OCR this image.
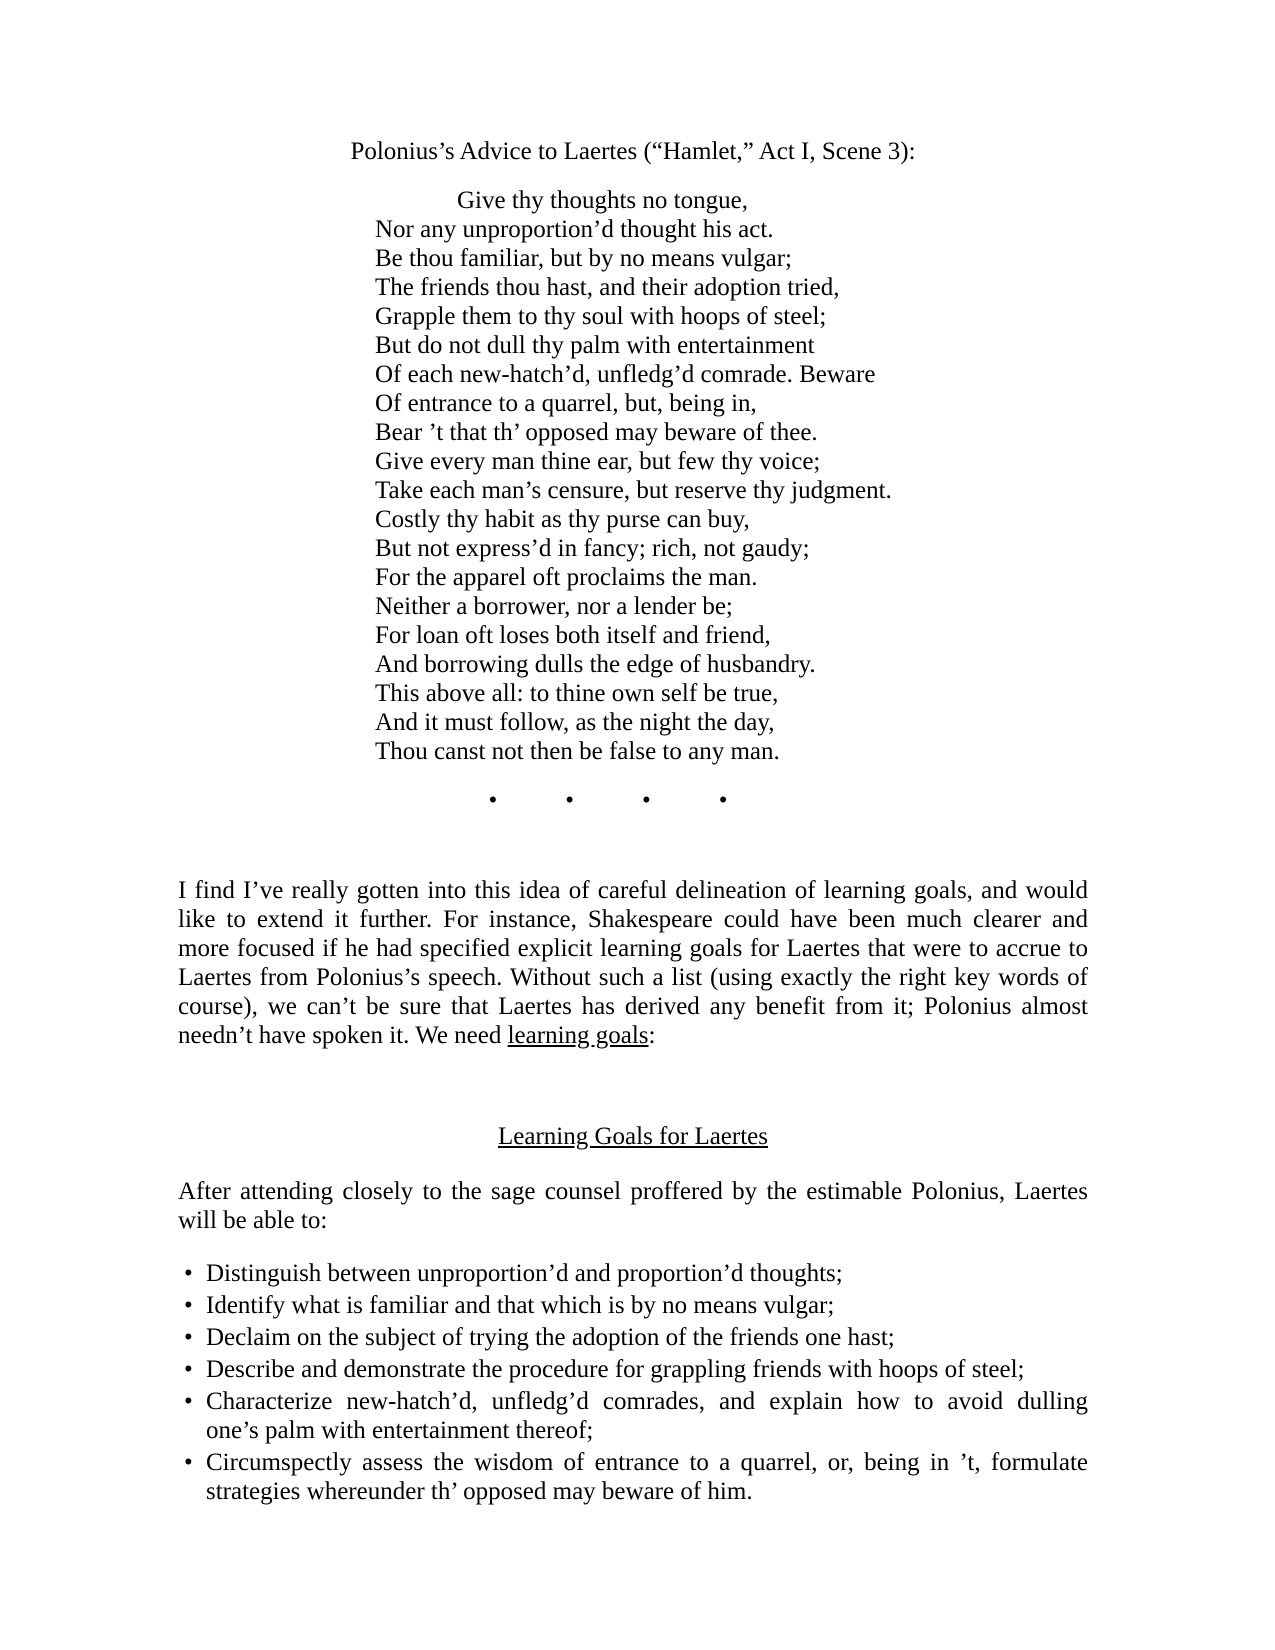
Polonius’s Advice to Laertes (“Hamlet,” Act I, Scene 3):
Give thy thoughts no tongue,
Nor any unproportion’d thought his act.
Be thou familiar, but by no means vulgar;
The friends thou hast, and their adoption tried,
Grapple them to thy soul with hoops of steel;
But do not dull thy palm with entertainment
Of each new-hatch’d, unfledg’d comrade. Beware
Of entrance to a quarrel, but, being in,
Bear ’t that th’ opposed may beware of thee.
Give every man thine ear, but few thy voice;
Take each man’s censure, but reserve thy judgment.
Costly thy habit as thy purse can buy,
But not express’d in fancy; rich, not gaudy;
For the apparel oft proclaims the man.
Neither a borrower, nor a lender be;
For loan oft loses both itself and friend,
And borrowing dulls the edge of husbandry.
This above all: to thine own self be true,
And it must follow, as the night the day,
Thou canst not then be false to any man.
•	•	•	•
I find I’ve really gotten into this idea of careful delineation of learning goals, and would
like to extend it further. For instance, Shakespeare could have been much clearer and
more focused if he had specified explicit learning goals for Laertes that were to accrue to
Laertes from Polonius’s speech. Without such a list (using exactly the right key words of
course), we can’t be sure that Laertes has derived any benefit from it; Polonius almost
needn’t have spoken it. We need learning goals:
Learning Goals for Laertes
After attending closely to the sage counsel proffered by the estimable Polonius, Laertes
will be able to:
• Distinguish between unproportion’d and proportion’d thoughts;
• Identify what is familiar and that which is by no means vulgar;
• Declaim on the subject of trying the adoption of the friends one hast;
• Describe and demonstrate the procedure for grappling friends with hoops of steel;
• Characterize new-hatch’d, unfledg’d comrades, and explain how to avoid dulling
one’s palm with entertainment thereof;
• Circumspectly assess the wisdom of entrance to a quarrel, or, being in ’t, formulate
strategies whereunder th’ opposed may beware of him.
